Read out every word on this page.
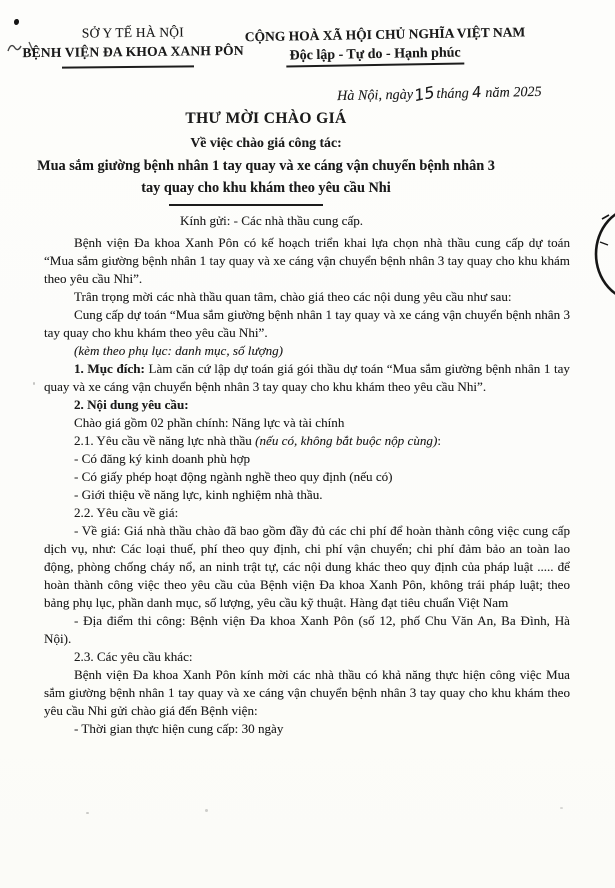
SỞ Y TẾ HÀ NỘI
BỆNH VIỆN ĐA KHOA XANH PÔN
CỘNG HOÀ XÃ HỘI CHỦ NGHĨA VIỆT NAM
Độc lập - Tự do - Hạnh phúc
Hà Nội, ngày15tháng 4 năm 2025
THƯ MỜI CHÀO GIÁ
Về việc chào giá công tác:
Mua sắm giường bệnh nhân 1 tay quay và xe cáng vận chuyển bệnh nhân 3 tay quay cho khu khám theo yêu cầu Nhi

Kính gửi: - Các nhà thầu cung cấp.

Bệnh viện Đa khoa Xanh Pôn có kế hoạch triển khai lựa chọn nhà thầu cung cấp dự toán “Mua sắm giường bệnh nhân 1 tay quay và xe cáng vận chuyển bệnh nhân 3 tay quay cho khu khám theo yêu cầu Nhi”.

Trân trọng mời các nhà thầu quan tâm, chào giá theo các nội dung yêu cầu như sau:

Cung cấp dự toán “Mua sắm giường bệnh nhân 1 tay quay và xe cáng vận chuyển bệnh nhân 3 tay quay cho khu khám theo yêu cầu Nhi”.

(kèm theo phụ lục: danh mục, số lượng)

1. Mục đích: Làm căn cứ lập dự toán giá gói thầu dự toán “Mua sắm giường bệnh nhân 1 tay quay và xe cáng vận chuyển bệnh nhân 3 tay quay cho khu khám theo yêu cầu Nhi”.

2. Nội dung yêu cầu:

Chào giá gồm 02 phần chính: Năng lực và tài chính

2.1. Yêu cầu về năng lực nhà thầu (nếu có, không bắt buộc nộp cùng):

- Có đăng ký kinh doanh phù hợp

- Có giấy phép hoạt động ngành nghề theo quy định (nếu có)

- Giới thiệu về năng lực, kinh nghiệm nhà thầu.

2.2. Yêu cầu về giá:

- Về giá: Giá nhà thầu chào đã bao gồm đầy đủ các chi phí để hoàn thành công việc cung cấp dịch vụ, như: Các loại thuế, phí theo quy định, chi phí vận chuyển; chi phí đảm bảo an toàn lao động, phòng chống cháy nổ, an ninh trật tự, các nội dung khác theo quy định của pháp luật ..... để hoàn thành công việc theo yêu cầu của Bệnh viện Đa khoa Xanh Pôn, không trái pháp luật; theo bảng phụ lục, phần danh mục, số lượng, yêu cầu kỹ thuật. Hàng đạt tiêu chuẩn Việt Nam

- Địa điểm thi công: Bệnh viện Đa khoa Xanh Pôn (số 12, phố Chu Văn An, Ba Đình, Hà Nội).

2.3. Các yêu cầu khác:

Bệnh viện Đa khoa Xanh Pôn kính mời các nhà thầu có khả năng thực hiện công việc Mua sắm giường bệnh nhân 1 tay quay và xe cáng vận chuyển bệnh nhân 3 tay quay cho khu khám theo yêu cầu Nhi gửi chào giá đến Bệnh viện:

- Thời gian thực hiện cung cấp: 30 ngày
